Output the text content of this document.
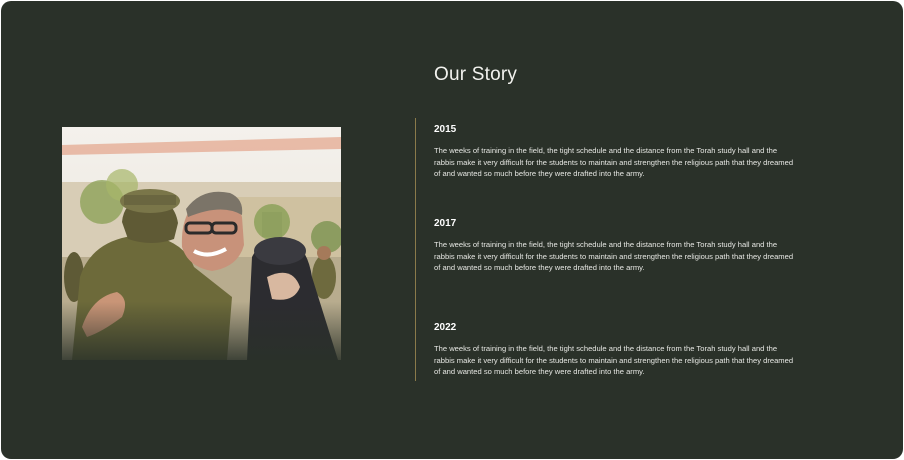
Our Story
2015
The weeks of training in the field, the tight schedule and the distance from the Torah study hall and the rabbis make it very difficult for the students to maintain and strengthen the religious path that they dreamed of and wanted so much before they were drafted into the army.
2017
The weeks of training in the field, the tight schedule and the distance from the Torah study hall and the rabbis make it very difficult for the students to maintain and strengthen the religious path that they dreamed of and wanted so much before they were drafted into the army.
2022
The weeks of training in the field, the tight schedule and the distance from the Torah study hall and the rabbis make it very difficult for the students to maintain and strengthen the religious path that they dreamed of and wanted so much before they were drafted into the army.
